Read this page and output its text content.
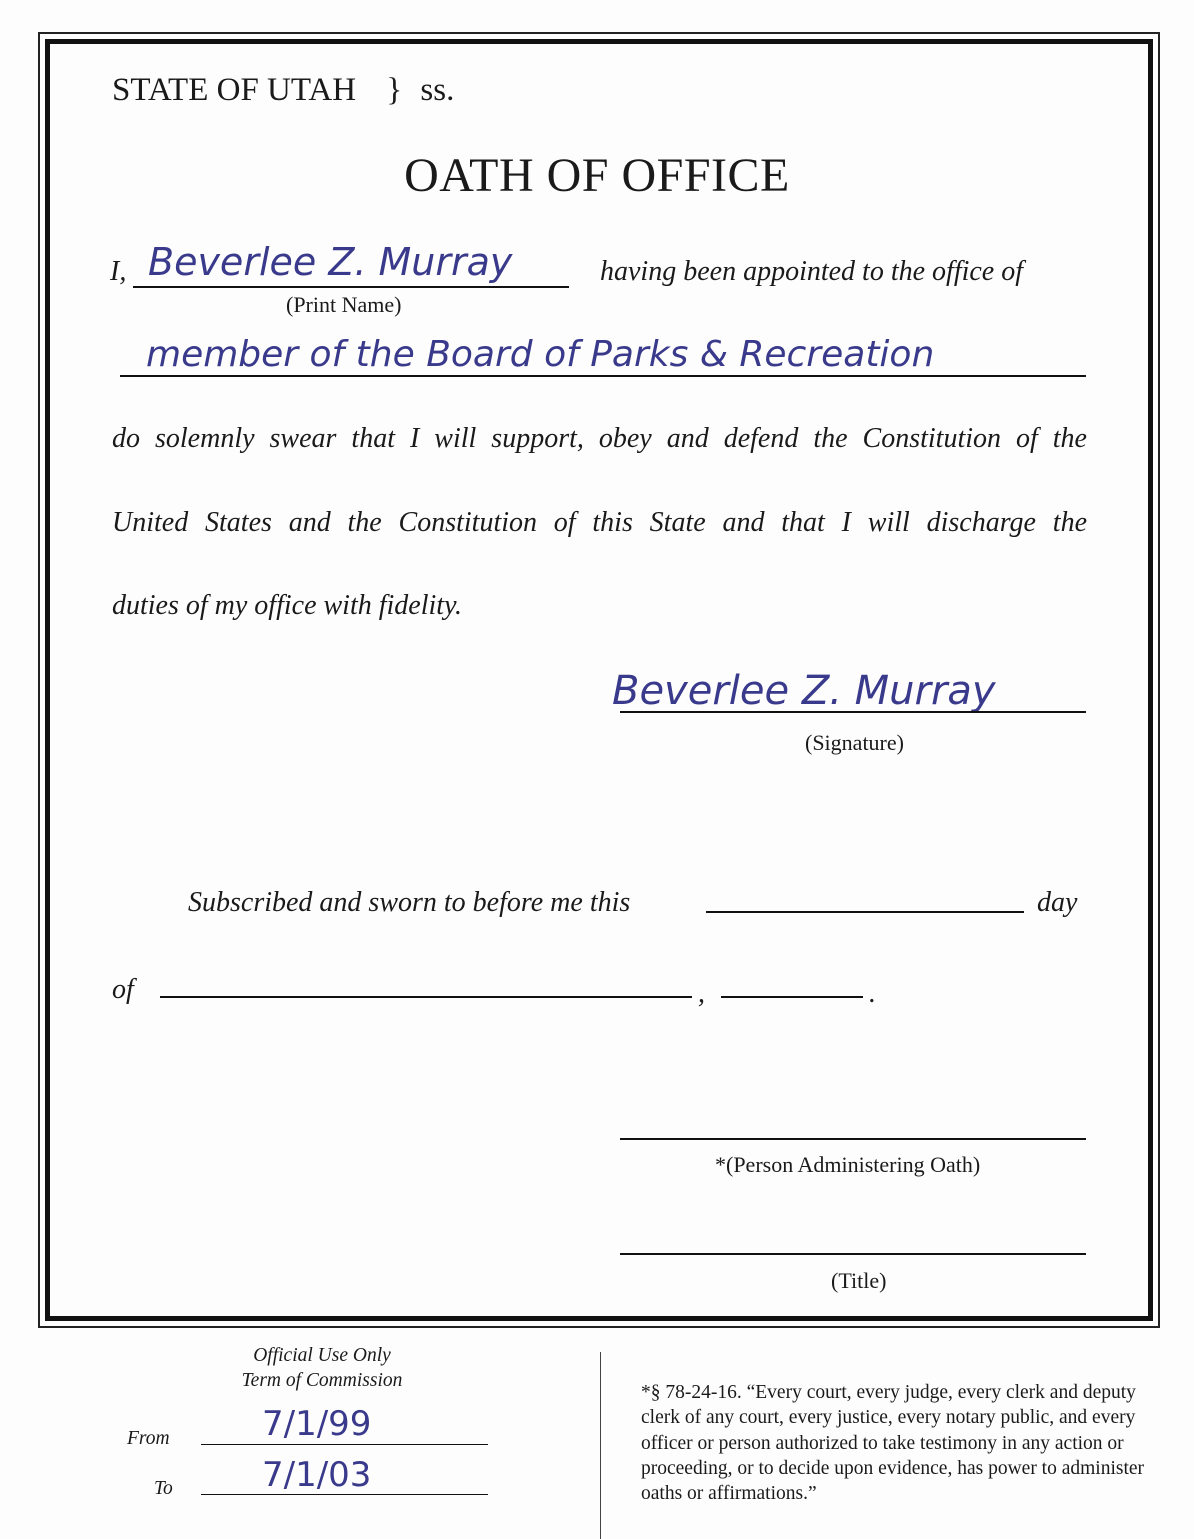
STATE OF UTAH } ss.
OATH OF OFFICE
I, Beverlee Z. Murray
(Print Name)
having been appointed to the office of
member of the Board of Parks & Recreation
do solemnly swear that I will support, obey and defend the Constitution of the
United States and the Constitution of this State and that I will discharge the
duties of my office with fidelity.
Beverlee Z. Murray
(Signature)
Subscribed and sworn to before me this	day
of	,	.
*(Person Administering Oath)
(Title)
Official Use Only
Term of Commission
From	7/1/99
To	7/1/03
*§ 78-24-16. “Every court, every judge, every clerk and deputy clerk of any court, every justice, every notary public, and every officer or person authorized to take testimony in any action or proceeding, or to decide upon evidence, has power to administer oaths or affirmations.”
